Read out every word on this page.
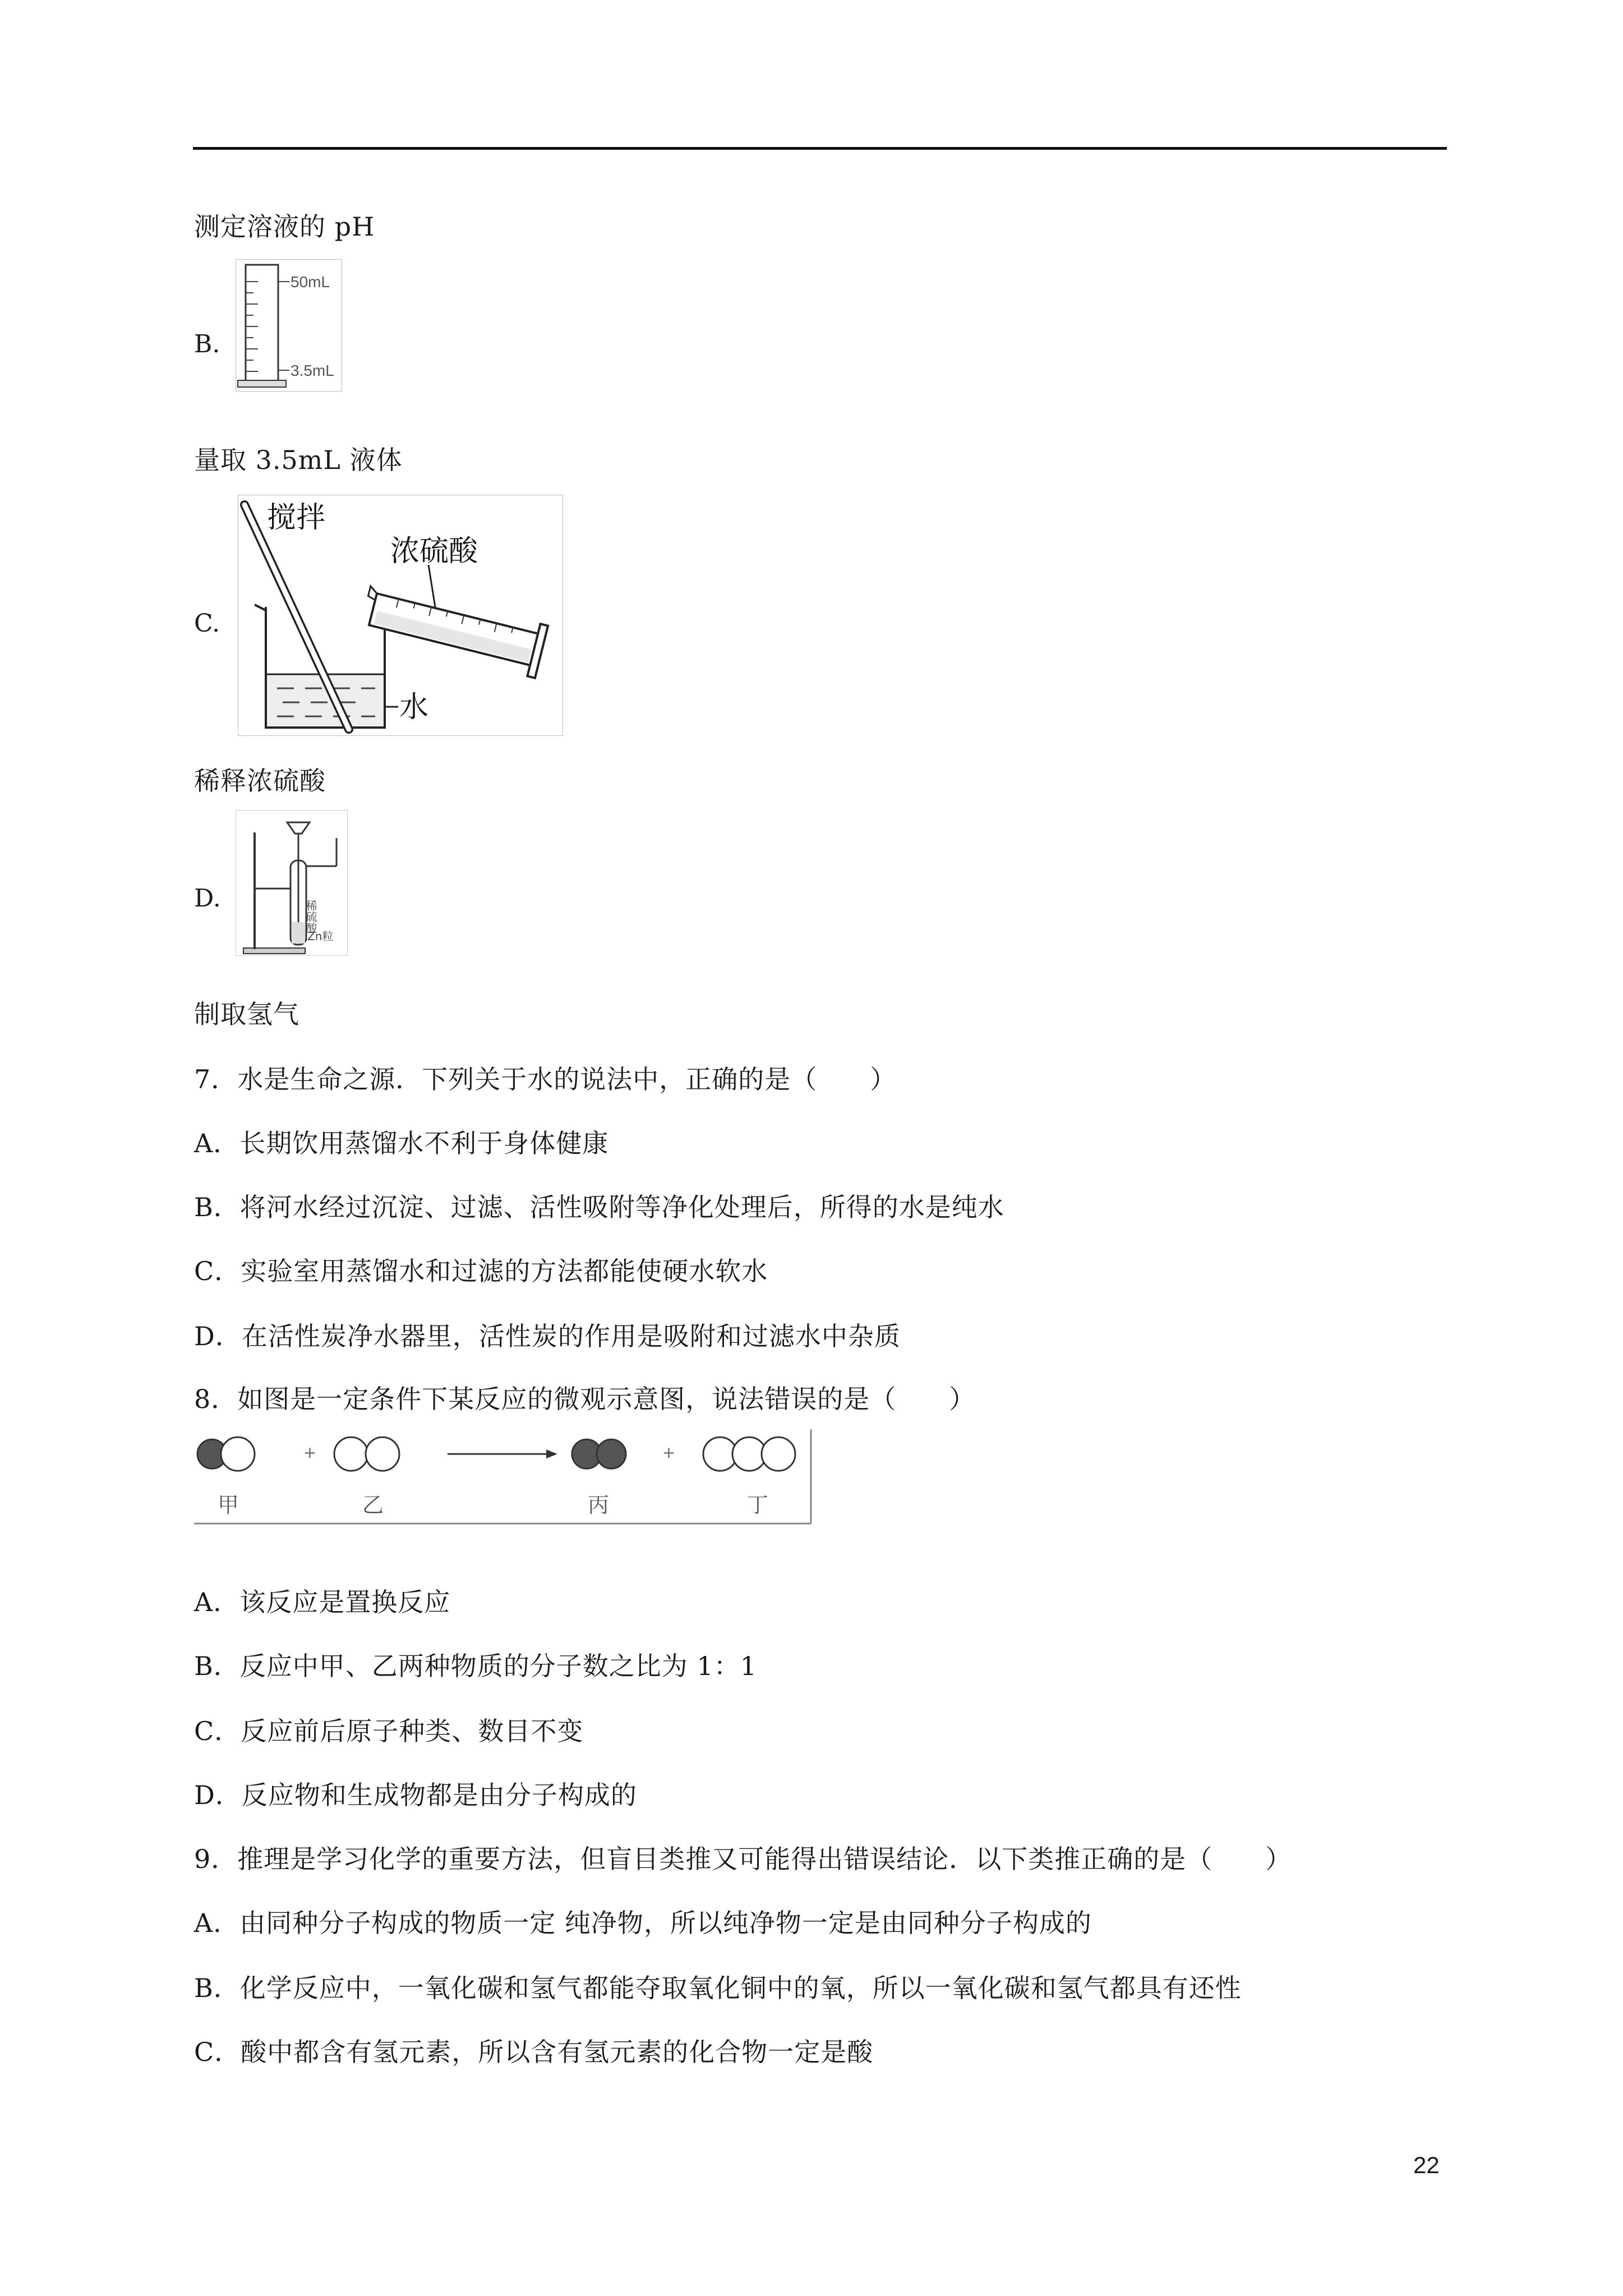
测定溶液的 pH
B.
50mL
3.5mL
量取 3.5mL 液体
C.
水
搅拌
浓硫酸
稀释浓硫酸
D.
稀硫酸
Zn粒
制取氢气
7．水是生命之源．下列关于水的说法中，正确的是（　　）
A．长期饮用蒸馏水不利于身体健康
B．将河水经过沉淀、过滤、活性吸附等净化处理后，所得的水是纯水
C．实验室用蒸馏水和过滤的方法都能使硬水软水
D．在活性炭净水器里，活性炭的作用是吸附和过滤水中杂质
8．如图是一定条件下某反应的微观示意图，说法错误的是（　　）
+	+
甲	乙	丙	丁
A．该反应是置换反应
B．反应中甲、乙两种物质的分子数之比为 1：1
C．反应前后原子种类、数目不变
D．反应物和生成物都是由分子构成的
9．推理是学习化学的重要方法，但盲目类推又可能得出错误结论．以下类推正确的是（　　）
A．由同种分子构成的物质一定 纯净物，所以纯净物一定是由同种分子构成的
B．化学反应中，一氧化碳和氢气都能夺取氧化铜中的氧，所以一氧化碳和氢气都具有还性
C．酸中都含有氢元素，所以含有氢元素的化合物一定是酸
22
